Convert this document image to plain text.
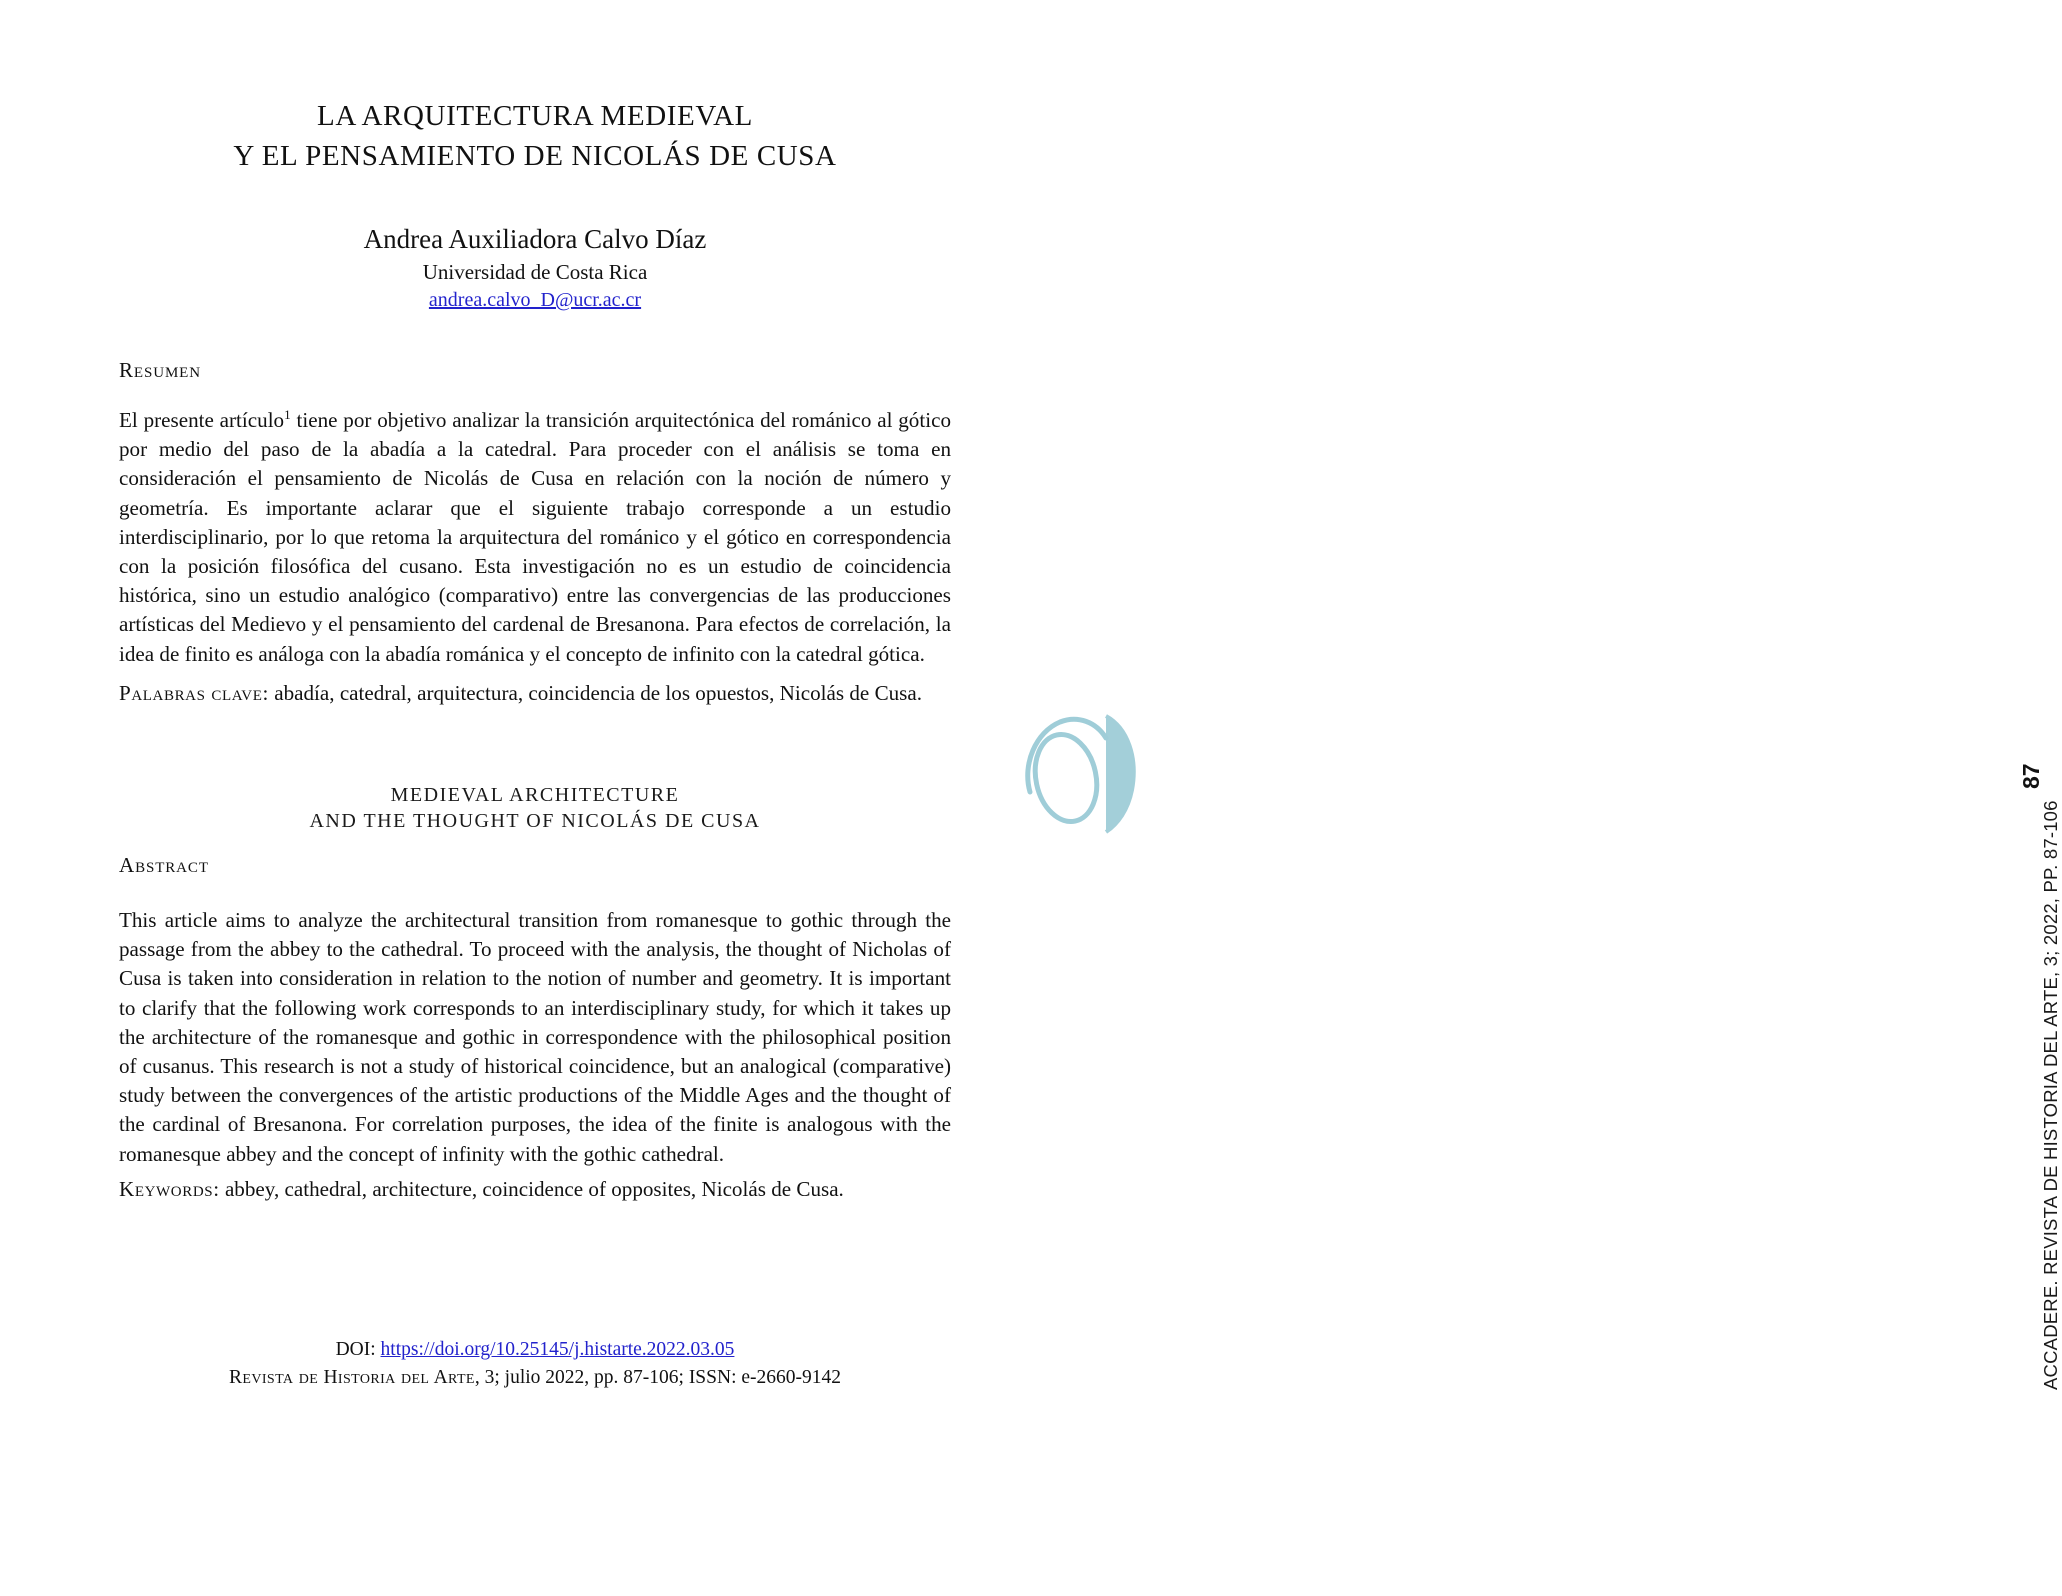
LA ARQUITECTURA MEDIEVAL
Y EL PENSAMIENTO DE NICOLÁS DE CUSA
Andrea Auxiliadora Calvo Díaz
Universidad de Costa Rica
andrea.calvo_D@ucr.ac.cr
Resumen
El presente artículo$^1$ tiene por objetivo analizar la transición arquitectónica del románico al gótico por medio del paso de la abadía a la catedral. Para proceder con el análisis se toma en consideración el pensamiento de Nicolás de Cusa en relación con la noción de número y geometría. Es importante aclarar que el siguiente trabajo corresponde a un estudio interdisciplinario, por lo que retoma la arquitectura del románico y el gótico en correspondencia con la posición filosófica del cusano. Esta investigación no es un estudio de coincidencia histórica, sino un estudio analógico (comparativo) entre las convergencias de las producciones artísticas del Medievo y el pensamiento del cardenal de Bresanona. Para efectos de correlación, la idea de finito es análoga con la abadía románica y el concepto de infinito con la catedral gótica.
Palabras clave: abadía, catedral, arquitectura, coincidencia de los opuestos, Nicolás de Cusa.
MEDIEVAL ARCHITECTURE
AND THE THOUGHT OF NICOLÁS DE CUSA
Abstract
This article aims to analyze the architectural transition from romanesque to gothic through the passage from the abbey to the cathedral. To proceed with the analysis, the thought of Nicholas of Cusa is taken into consideration in relation to the notion of number and geometry. It is important to clarify that the following work corresponds to an interdisciplinary study, for which it takes up the architecture of the romanesque and gothic in correspondence with the philosophical position of cusanus. This research is not a study of historical coincidence, but an analogical (comparative) study between the convergences of the artistic productions of the Middle Ages and the thought of the cardinal of Bresanona. For correlation purposes, the idea of the finite is analogous with the romanesque abbey and the concept of infinity with the gothic cathedral.
Keywords: abbey, cathedral, architecture, coincidence of opposites, Nicolás de Cusa.
DOI: https://doi.org/10.25145/j.histarte.2022.03.05
Revista de Historia del Arte, 3; julio 2022, pp. 87-106; ISSN: e-2660-9142
87
ACCADERE. REVISTA DE HISTORIA DEL ARTE, 3; 2022, PP. 87-106
